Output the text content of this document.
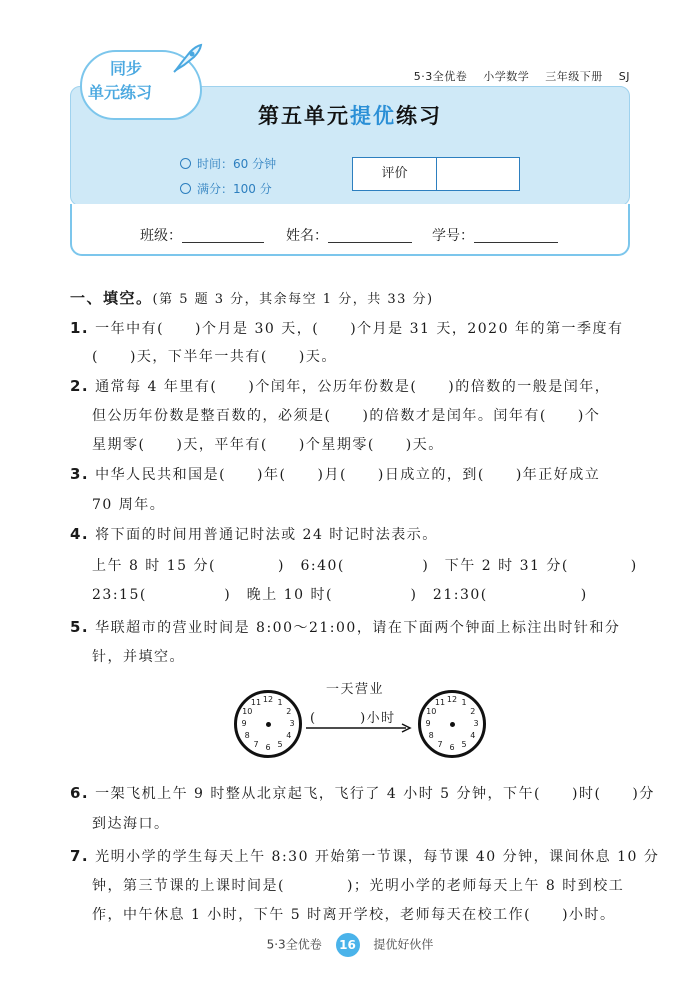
5·3全优卷 小学数学 三年级下册 SJ
同步
单元练习
第五单元提优练习
时间：60 分钟
满分：100 分
评价
班级：	姓名：	学号：
一、填空。(第 5 题 3 分，其余每空 1 分，共 33 分)
1. 一年中有(　　)个月是 30 天，(　　)个月是 31 天，2020 年的第一季度有
(　　)天，下半年一共有(　　)天。
2. 通常每 4 年里有(　　)个闰年，公历年份数是(　　)的倍数的一般是闰年，
但公历年份数是整百数的，必须是(　　)的倍数才是闰年。闰年有(　　)个
星期零(　　)天，平年有(　　)个星期零(　　)天。
3. 中华人民共和国是(　　)年(　　)月(　　)日成立的，到(　　)年正好成立
70 周年。
4. 将下面的时间用普通记时法或 24 时记时法表示。
上午 8 时 15 分(　　　　)　6:40(　　　　　)　下午 2 时 31 分(　　　　)
23:15(　　　　　)　晚上 10 时(　　　　　)　21:30(　　　　　　)
5. 华联超市的营业时间是 8:00～21:00，请在下面两个钟面上标注出时针和分
针，并填空。
12 1
2
3
4
5
6
7
8
9
10
11	12 1
2
3
4
5
6
7
8
9
10
11
一天营业
(　　　)小时
6. 一架飞机上午 9 时整从北京起飞，飞行了 4 小时 5 分钟，下午(　　)时(　　)分
到达海口。
7. 光明小学的学生每天上午 8:30 开始第一节课，每节课 40 分钟，课间休息 10 分
钟，第三节课的上课时间是(　　　　)；光明小学的老师每天上午 8 时到校工
作，中午休息 1 小时，下午 5 时离开学校，老师每天在校工作(　　)小时。
5·3全优卷 16 提优好伙伴
